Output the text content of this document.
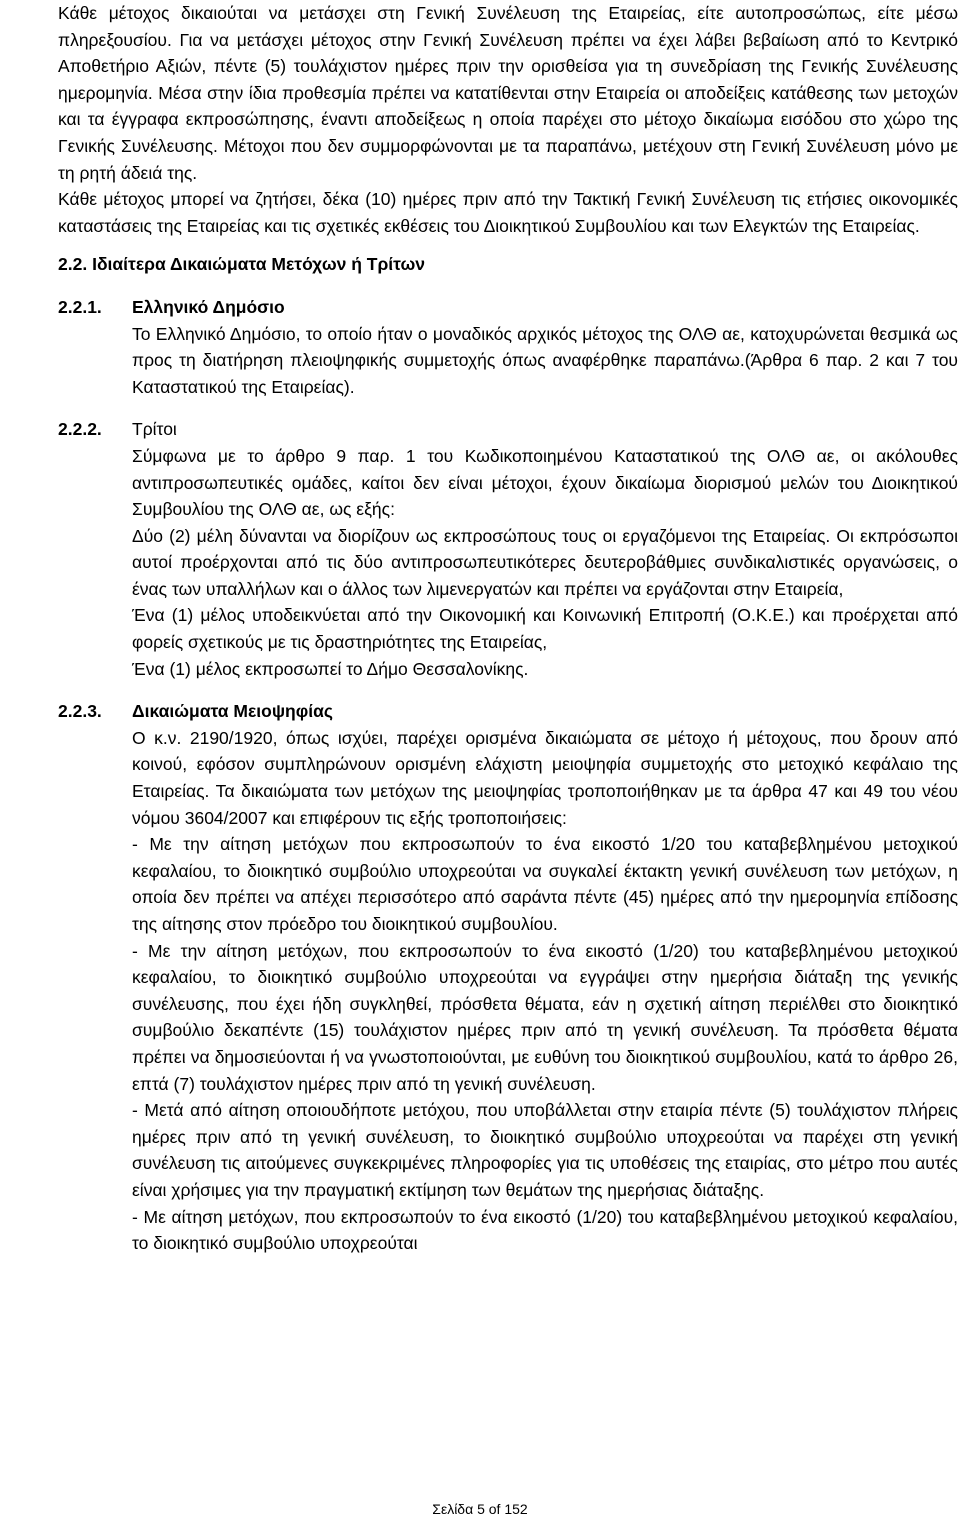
Κάθε μέτοχος δικαιούται να μετάσχει στη Γενική Συνέλευση της Εταιρείας, είτε αυτοπροσώπως, είτε μέσω πληρεξουσίου. Για να μετάσχει μέτοχος στην Γενική Συνέλευση πρέπει να έχει λάβει βεβαίωση από το Κεντρικό Αποθετήριο Αξιών, πέντε (5) τουλάχιστον ημέρες πριν την ορισθείσα για τη συνεδρίαση της Γενικής Συνέλευσης ημερομηνία. Μέσα στην ίδια προθεσμία πρέπει να κατατίθενται στην Εταιρεία οι αποδείξεις κατάθεσης των μετοχών και τα έγγραφα εκπροσώπησης, έναντι αποδείξεως η οποία παρέχει στο μέτοχο δικαίωμα εισόδου στο χώρο της Γενικής Συνέλευσης. Μέτοχοι που δεν συμμορφώνονται με τα παραπάνω, μετέχουν στη Γενική Συνέλευση μόνο με τη ρητή άδειά της.

Κάθε μέτοχος μπορεί να ζητήσει, δέκα (10) ημέρες πριν από την Τακτική Γενική Συνέλευση τις ετήσιες οικονομικές καταστάσεις της Εταιρείας και τις σχετικές εκθέσεις του Διοικητικού Συμβουλίου και των Ελεγκτών της Εταιρείας.

2.2. Ιδιαίτερα Δικαιώματα Μετόχων ή Τρίτων
2.2.1. Ελληνικό Δημόσιο

Το Ελληνικό Δημόσιο, το οποίο ήταν ο μοναδικός αρχικός μέτοχος της ΟΛΘ αε, κατοχυρώνεται θεσμικά ως προς τη διατήρηση πλειοψηφικής συμμετοχής όπως αναφέρθηκε παραπάνω.(Άρθρα 6 παρ. 2 και 7 του Καταστατικού της Εταιρείας).

2.2.2. Τρίτοι

Σύμφωνα με το άρθρο 9 παρ. 1 του Κωδικοποιημένου Καταστατικού της ΟΛΘ αε, οι ακόλουθες αντιπροσωπευτικές ομάδες, καίτοι δεν είναι μέτοχοι, έχουν δικαίωμα διορισμού μελών του Διοικητικού Συμβουλίου της ΟΛΘ αε, ως εξής:

Δύο (2) μέλη δύνανται να διορίζουν ως εκπροσώπους τους οι εργαζόμενοι της Εταιρείας. Οι εκπρόσωποι αυτοί προέρχονται από τις δύο αντιπροσωπευτικότερες δευτεροβάθμιες συνδικαλιστικές οργανώσεις, ο ένας των υπαλλήλων και ο άλλος των λιμενεργατών και πρέπει να εργάζονται στην Εταιρεία,

Ένα (1) μέλος υποδεικνύεται από την Οικονομική και Κοινωνική Επιτροπή (Ο.Κ.Ε.) και προέρχεται από φορείς σχετικούς με τις δραστηριότητες της Εταιρείας,

Ένα (1) μέλος εκπροσωπεί το Δήμο Θεσσαλονίκης.

2.2.3. Δικαιώματα Μειοψηφίας

Ο κ.ν. 2190/1920, όπως ισχύει, παρέχει ορισμένα δικαιώματα σε μέτοχο ή μέτοχους, που δρουν από κοινού, εφόσον συμπληρώνουν ορισμένη ελάχιστη μειοψηφία συμμετοχής στο μετοχικό κεφάλαιο της Εταιρείας. Τα δικαιώματα των μετόχων της μειοψηφίας τροποποιήθηκαν με τα άρθρα 47 και 49 του νέου νόμου 3604/2007 και επιφέρουν τις εξής τροποποιήσεις:

- Με την αίτηση μετόχων που εκπροσωπούν το ένα εικοστό 1/20 του καταβεβλημένου μετοχικού κεφαλαίου, το διοικητικό συμβούλιο υποχρεούται να συγκαλεί έκτακτη γενική συνέλευση των μετόχων, η οποία δεν πρέπει να απέχει περισσότερο από σαράντα πέντε (45) ημέρες από την ημερομηνία επίδοσης της αίτησης στον πρόεδρο του διοικητικού συμβουλίου.

- Με την αίτηση μετόχων, που εκπροσωπούν το ένα εικοστό (1/20) του καταβεβλημένου μετοχικού κεφαλαίου, το διοικητικό συμβούλιο υποχρεούται να εγγράψει στην ημερήσια διάταξη της γενικής συνέλευσης, που έχει ήδη συγκληθεί, πρόσθετα θέματα, εάν η σχετική αίτηση περιέλθει στο διοικητικό συμβούλιο δεκαπέντε (15) τουλάχιστον ημέρες πριν από τη γενική συνέλευση. Τα πρόσθετα θέματα πρέπει να δημοσιεύονται ή να γνωστοποιούνται, με ευθύνη του διοικητικού συμβουλίου, κατά το άρθρο 26, επτά (7) τουλάχιστον ημέρες πριν από τη γενική συνέλευση.

- Μετά από αίτηση οποιουδήποτε μετόχου, που υποβάλλεται στην εταιρία πέντε (5) τουλάχιστον πλήρεις ημέρες πριν από τη γενική συνέλευση, το διοικητικό συμβούλιο υποχρεούται να παρέχει στη γενική συνέλευση τις αιτούμενες συγκεκριμένες πληροφορίες για τις υποθέσεις της εταιρίας, στο μέτρο που αυτές είναι χρήσιμες για την πραγματική εκτίμηση των θεμάτων της ημερήσιας διάταξης.

- Με αίτηση μετόχων, που εκπροσωπούν το ένα εικοστό (1/20) του καταβεβλημένου μετοχικού κεφαλαίου, το διοικητικό συμβούλιο υποχρεούται

Σελίδα 5 of 152
